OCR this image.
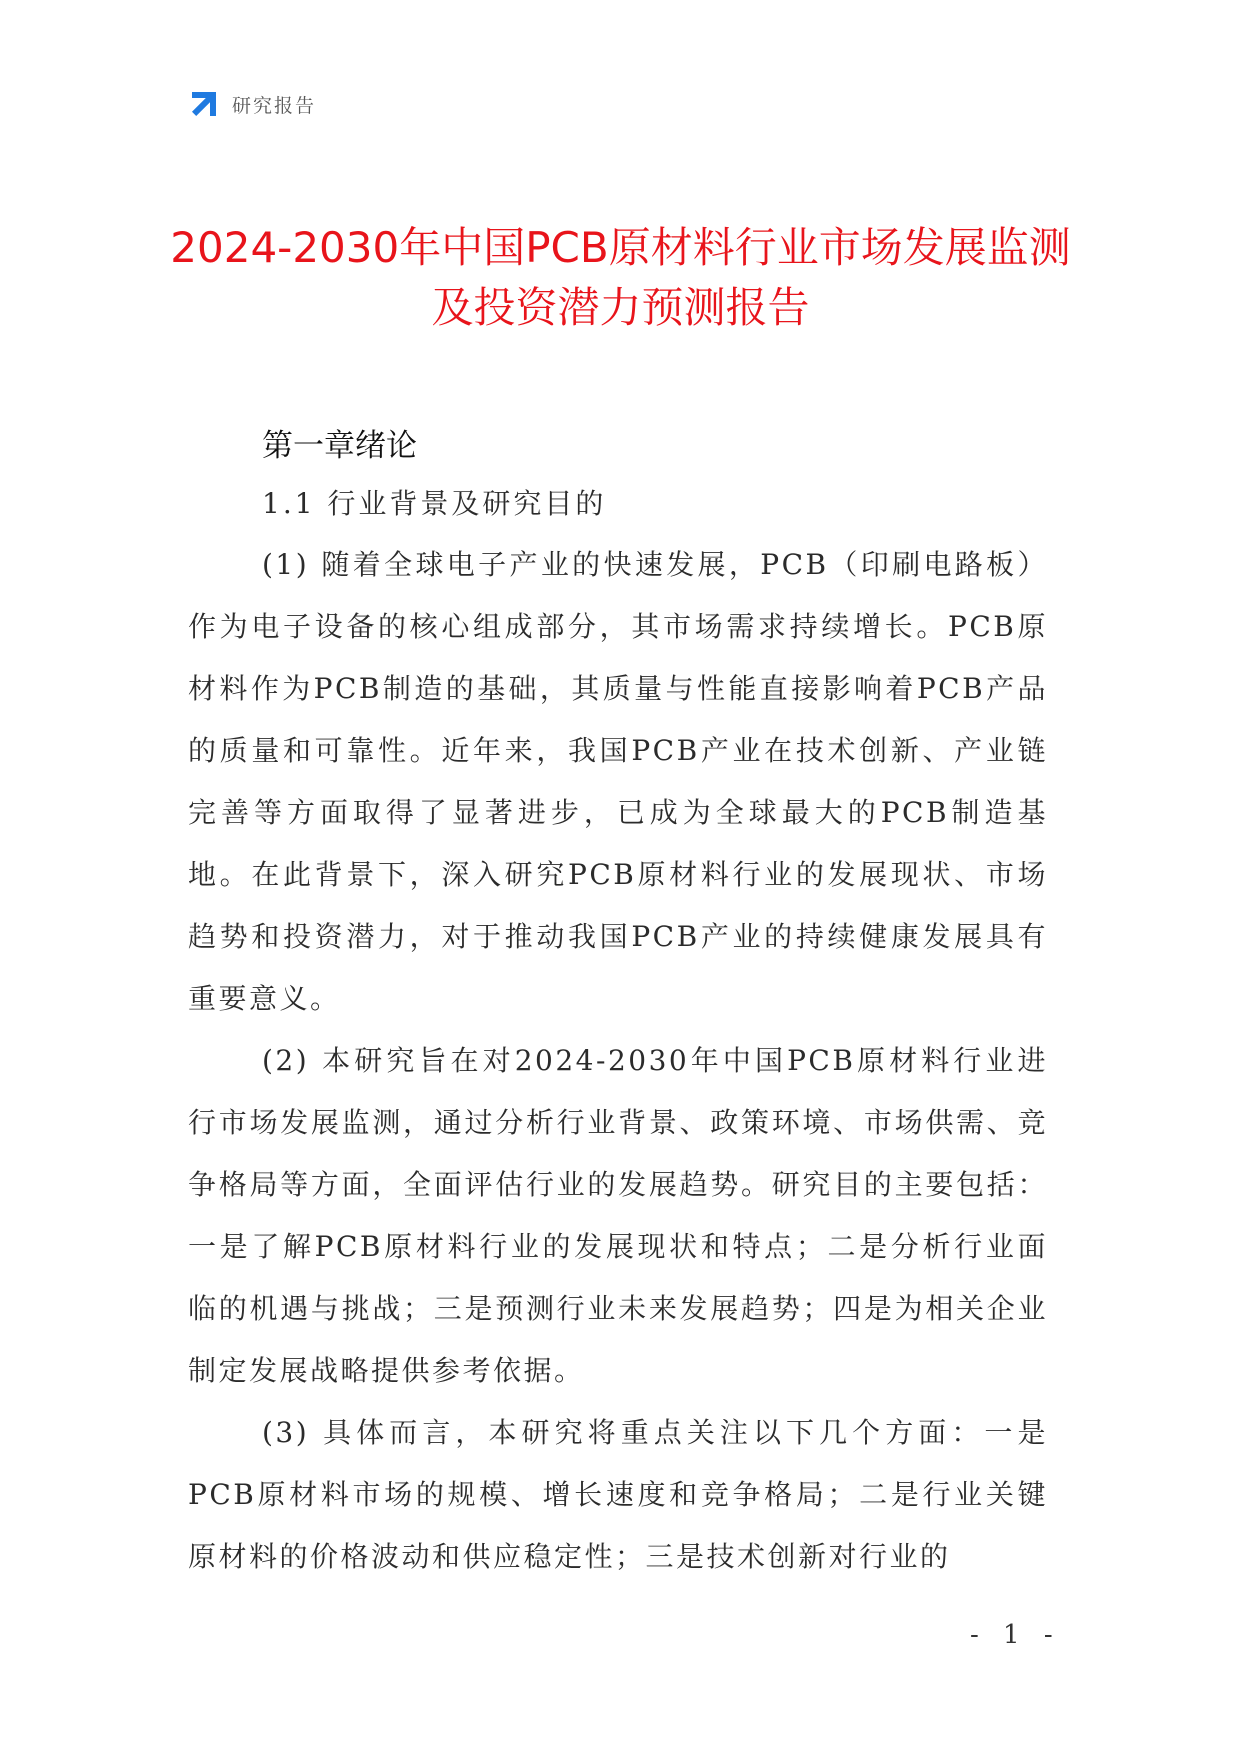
研究报告
2024-2030年中国PCB原材料行业市场发展监测及投资潜力预测报告
第一章绪论
1.1 行业背景及研究目的

(1) 随着全球电子产业的快速发展，PCB（印刷电路板）作为电子设备的核心组成部分，其市场需求持续增长。PCB原材料作为PCB制造的基础，其质量与性能直接影响着PCB产品的质量和可靠性。近年来，我国PCB产业在技术创新、产业链完善等方面取得了显著进步，已成为全球最大的PCB制造基地。在此背景下，深入研究PCB原材料行业的发展现状、市场趋势和投资潜力，对于推动我国PCB产业的持续健康发展具有重要意义。

(2) 本研究旨在对2024-2030年中国PCB原材料行业进行市场发展监测，通过分析行业背景、政策环境、市场供需、竞争格局等方面，全面评估行业的发展趋势。研究目的主要包括：一是了解PCB原材料行业的发展现状和特点；二是分析行业面临的机遇与挑战；三是预测行业未来发展趋势；四是为相关企业制定发展战略提供参考依据。

(3) 具体而言，本研究将重点关注以下几个方面：一是PCB原材料市场的规模、增长速度和竞争格局；二是行业关键原材料的价格波动和供应稳定性；三是技术创新对行业的

- 1 -
